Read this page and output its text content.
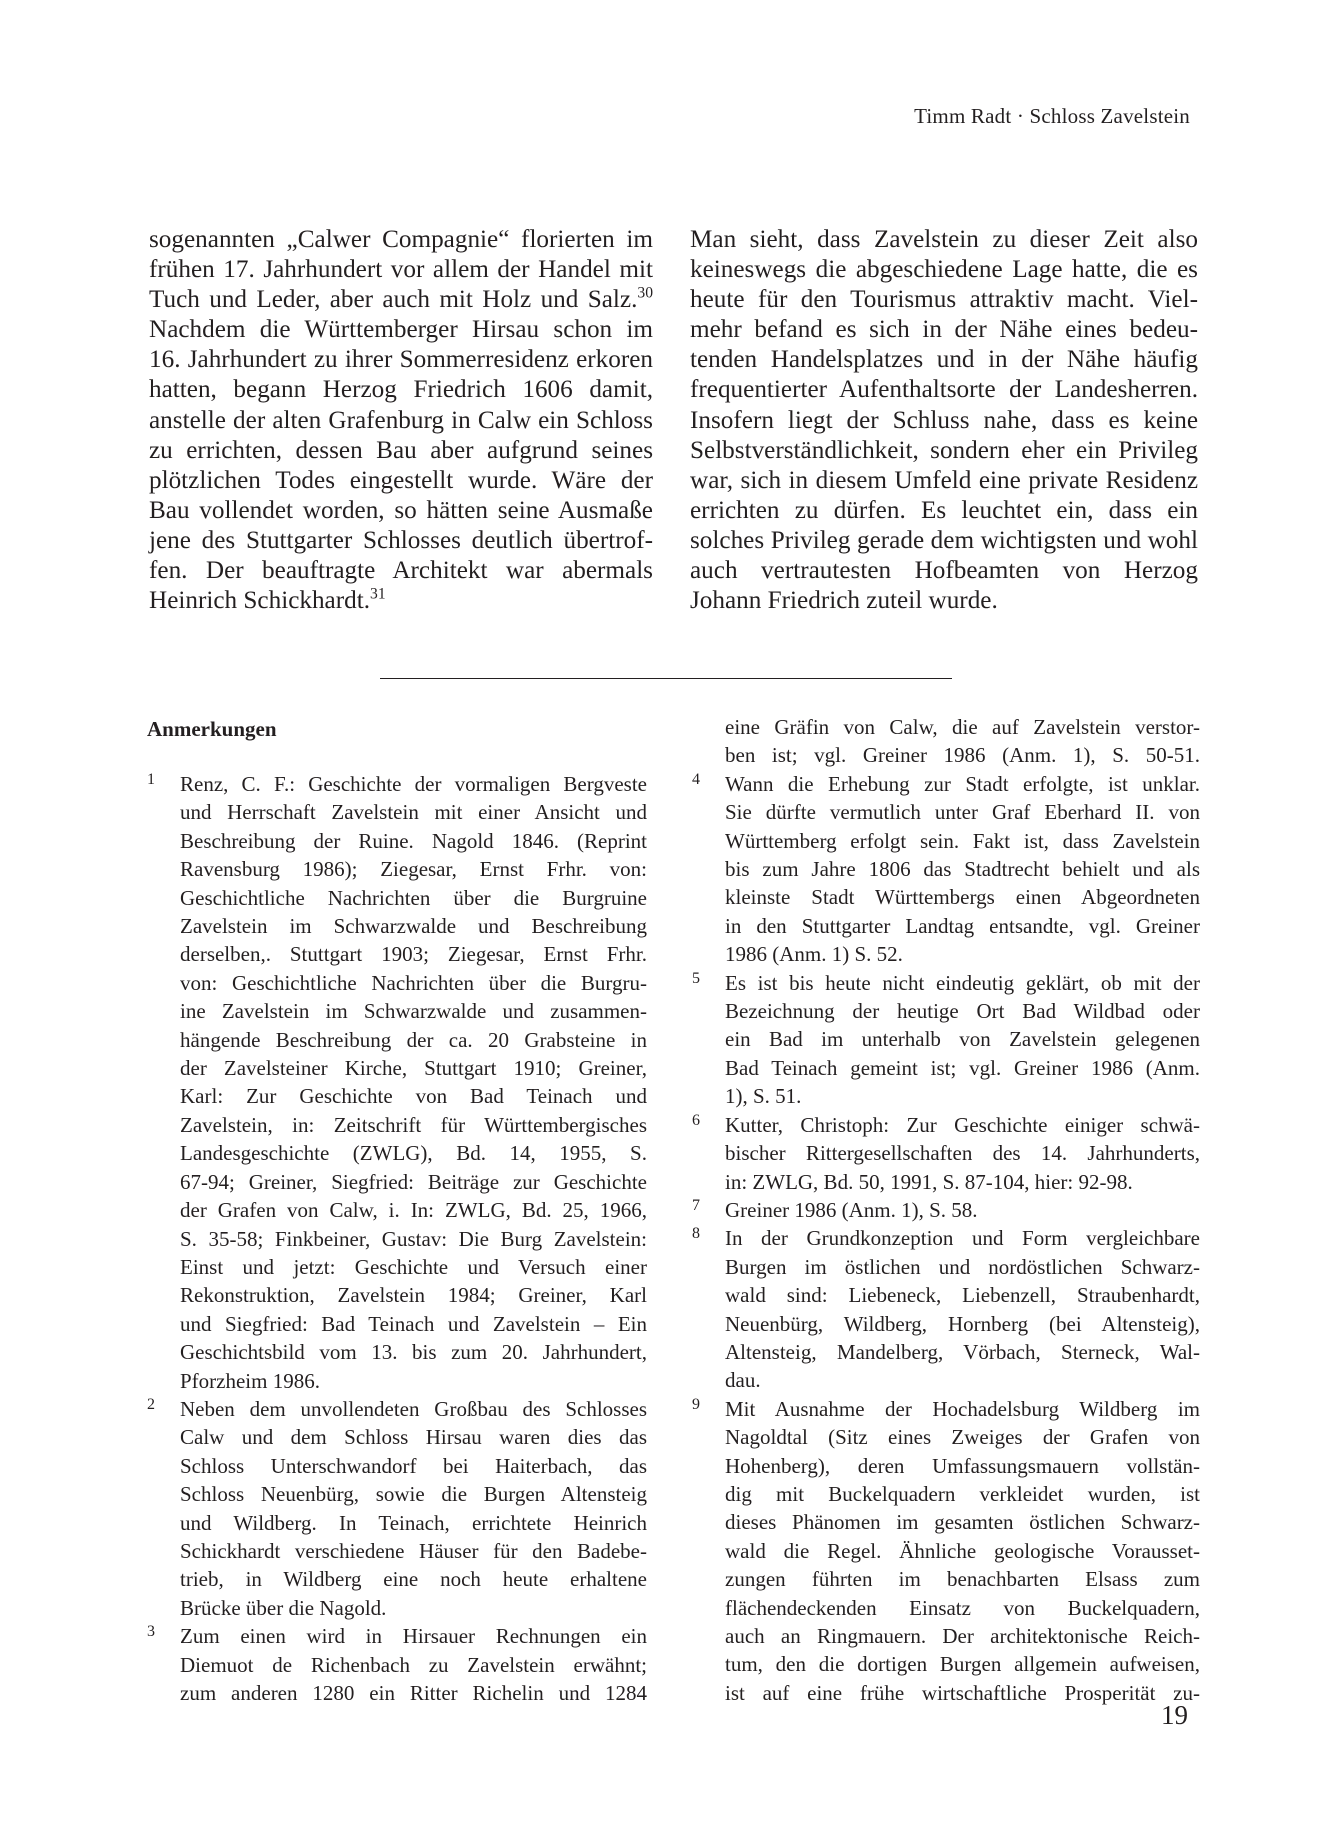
Timm Radt · Schloss Zavelstein
sogenannten „Calwer Compagnie“ florierten im
frühen 17. Jahrhundert vor allem der Handel mit
Tuch und Leder, aber auch mit Holz und Salz.$^{30}$
Nachdem die Württemberger Hirsau schon im
16. Jahrhundert zu ihrer Sommerresidenz erkoren
hatten, begann Herzog Friedrich 1606 damit,
anstelle der alten Grafenburg in Calw ein Schloss
zu errichten, dessen Bau aber aufgrund seines
plötzlichen Todes eingestellt wurde. Wäre der
Bau vollendet worden, so hätten seine Ausmaße
jene des Stuttgarter Schlosses deutlich übertrof-
fen. Der beauftragte Architekt war abermals
Heinrich Schickhardt.$^{31}$
Man sieht, dass Zavelstein zu dieser Zeit also
keineswegs die abgeschiedene Lage hatte, die es
heute für den Tourismus attraktiv macht. Viel-
mehr befand es sich in der Nähe eines bedeu-
tenden Handelsplatzes und in der Nähe häufig
frequentierter Aufenthaltsorte der Landesherren.
Insofern liegt der Schluss nahe, dass es keine
Selbstverständlichkeit, sondern eher ein Privileg
war, sich in diesem Umfeld eine private Residenz
errichten zu dürfen. Es leuchtet ein, dass ein
solches Privileg gerade dem wichtigsten und wohl
auch vertrautesten Hofbeamten von Herzog
Johann Friedrich zuteil wurde.
Anmerkungen
1 Renz, C. F.: Geschichte der vormaligen Bergveste
und Herrschaft Zavelstein mit einer Ansicht und
Beschreibung der Ruine. Nagold 1846. (Reprint
Ravensburg 1986); Ziegesar, Ernst Frhr. von:
Geschichtliche Nachrichten über die Burgruine
Zavelstein im Schwarzwalde und Beschreibung
derselben,. Stuttgart 1903; Ziegesar, Ernst Frhr.
von: Geschichtliche Nachrichten über die Burgru-
ine Zavelstein im Schwarzwalde und zusammen-
hängende Beschreibung der ca. 20 Grabsteine in
der Zavelsteiner Kirche, Stuttgart 1910; Greiner,
Karl: Zur Geschichte von Bad Teinach und
Zavelstein, in: Zeitschrift für Württembergisches
Landesgeschichte (ZWLG), Bd. 14, 1955, S.
67-94; Greiner, Siegfried: Beiträge zur Geschichte
der Grafen von Calw, i. In: ZWLG, Bd. 25, 1966,
S. 35-58; Finkbeiner, Gustav: Die Burg Zavelstein:
Einst und jetzt: Geschichte und Versuch einer
Rekonstruktion, Zavelstein 1984; Greiner, Karl
und Siegfried: Bad Teinach und Zavelstein – Ein
Geschichtsbild vom 13. bis zum 20. Jahrhundert,
Pforzheim 1986.
2 Neben dem unvollendeten Großbau des Schlosses
Calw und dem Schloss Hirsau waren dies das
Schloss Unterschwandorf bei Haiterbach, das
Schloss Neuenbürg, sowie die Burgen Altensteig
und Wildberg. In Teinach, errichtete Heinrich
Schickhardt verschiedene Häuser für den Badebe-
trieb, in Wildberg eine noch heute erhaltene
Brücke über die Nagold.
3 Zum einen wird in Hirsauer Rechnungen ein
Diemuot de Richenbach zu Zavelstein erwähnt;
zum anderen 1280 ein Ritter Richelin und 1284
eine Gräfin von Calw, die auf Zavelstein verstor-
ben ist; vgl. Greiner 1986 (Anm. 1), S. 50-51.
4 Wann die Erhebung zur Stadt erfolgte, ist unklar.
Sie dürfte vermutlich unter Graf Eberhard II. von
Württemberg erfolgt sein. Fakt ist, dass Zavelstein
bis zum Jahre 1806 das Stadtrecht behielt und als
kleinste Stadt Württembergs einen Abgeordneten
in den Stuttgarter Landtag entsandte, vgl. Greiner
1986 (Anm. 1) S. 52.
5 Es ist bis heute nicht eindeutig geklärt, ob mit der
Bezeichnung der heutige Ort Bad Wildbad oder
ein Bad im unterhalb von Zavelstein gelegenen
Bad Teinach gemeint ist; vgl. Greiner 1986 (Anm.
1), S. 51.
6 Kutter, Christoph: Zur Geschichte einiger schwä-
bischer Rittergesellschaften des 14. Jahrhunderts,
in: ZWLG, Bd. 50, 1991, S. 87-104, hier: 92-98.
7 Greiner 1986 (Anm. 1), S. 58.
8 In der Grundkonzeption und Form vergleichbare
Burgen im östlichen und nordöstlichen Schwarz-
wald sind: Liebeneck, Liebenzell, Straubenhardt,
Neuenbürg, Wildberg, Hornberg (bei Altensteig),
Altensteig, Mandelberg, Vörbach, Sterneck, Wal-
dau.
9 Mit Ausnahme der Hochadelsburg Wildberg im
Nagoldtal (Sitz eines Zweiges der Grafen von
Hohenberg), deren Umfassungsmauern vollstän-
dig mit Buckelquadern verkleidet wurden, ist
dieses Phänomen im gesamten östlichen Schwarz-
wald die Regel. Ähnliche geologische Vorausset-
zungen führten im benachbarten Elsass zum
flächendeckenden Einsatz von Buckelquadern,
auch an Ringmauern. Der architektonische Reich-
tum, den die dortigen Burgen allgemein aufweisen,
ist auf eine frühe wirtschaftliche Prosperität zu-
19
